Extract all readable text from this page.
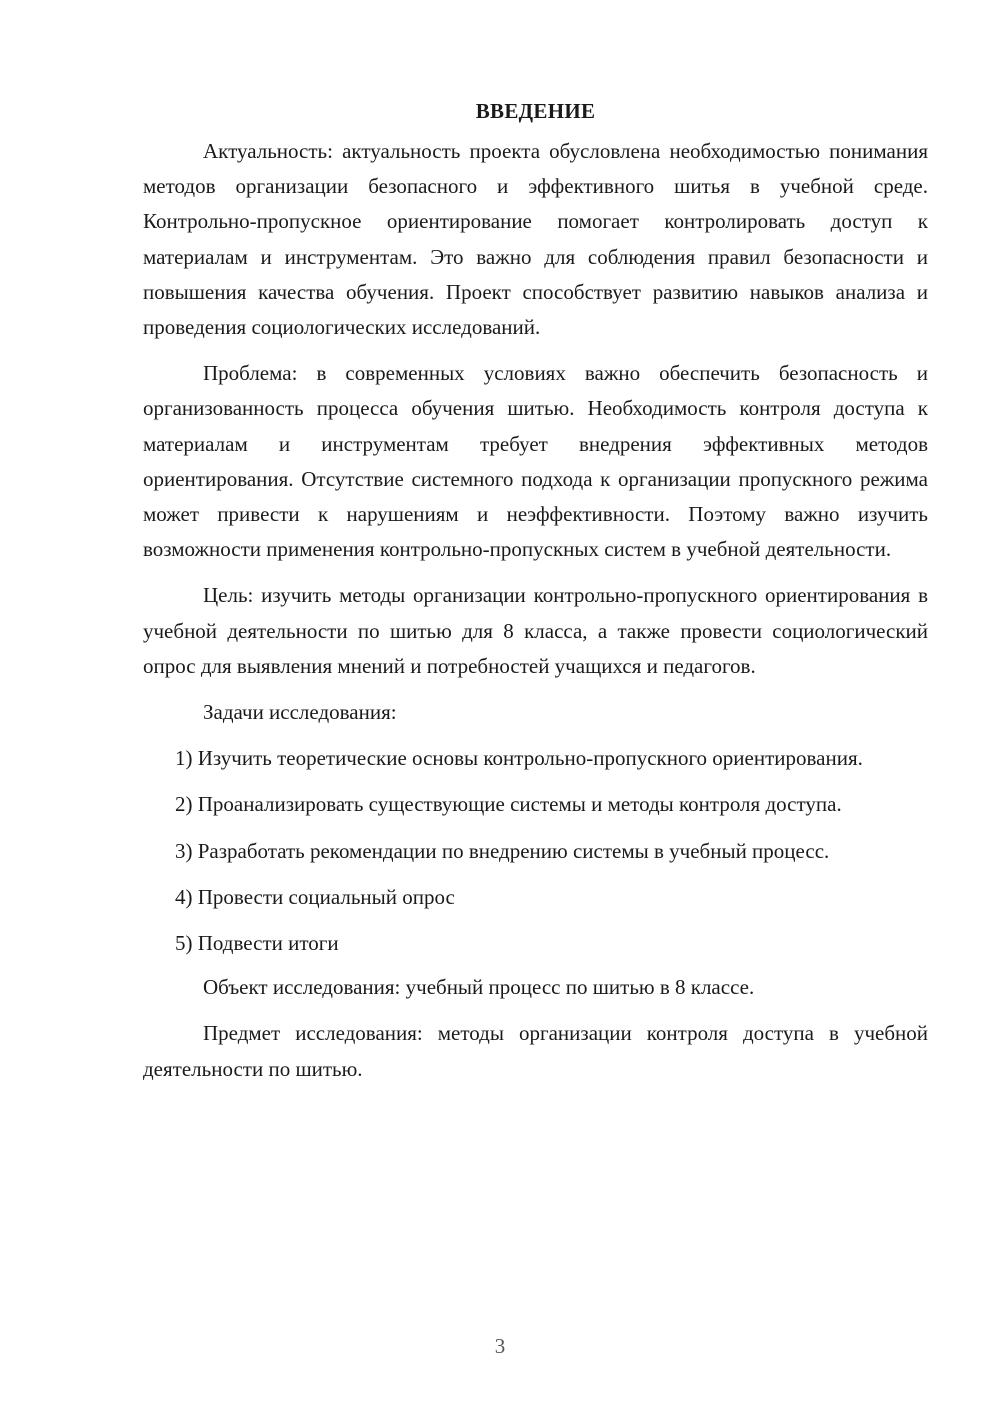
ВВЕДЕНИЕ

Актуальность: актуальность проекта обусловлена необходимостью понимания методов организации безопасного и эффективного шитья в учебной среде. Контрольно-пропускное ориентирование помогает контролировать доступ к материалам и инструментам. Это важно для соблюдения правил безопасности и повышения качества обучения. Проект способствует развитию навыков анализа и проведения социологических исследований.

Проблема: в современных условиях важно обеспечить безопасность и организованность процесса обучения шитью. Необходимость контроля доступа к материалам и инструментам требует внедрения эффективных методов ориентирования. Отсутствие системного подхода к организации пропускного режима может привести к нарушениям и неэффективности. Поэтому важно изучить возможности применения контрольно-пропускных систем в учебной деятельности.

Цель: изучить методы организации контрольно-пропускного ориентирования в учебной деятельности по шитью для 8 класса, а также провести социологический опрос для выявления мнений и потребностей учащихся и педагогов.

Задачи исследования:

1) Изучить теоретические основы контрольно-пропускного ориентирования.

2) Проанализировать существующие системы и методы контроля доступа.

3) Разработать рекомендации по внедрению системы в учебный процесс.

4) Провести социальный опрос

5) Подвести итоги

Объект исследования: учебный процесс по шитью в 8 классе.

Предмет исследования: методы организации контроля доступа в учебной деятельности по шитью.

3
